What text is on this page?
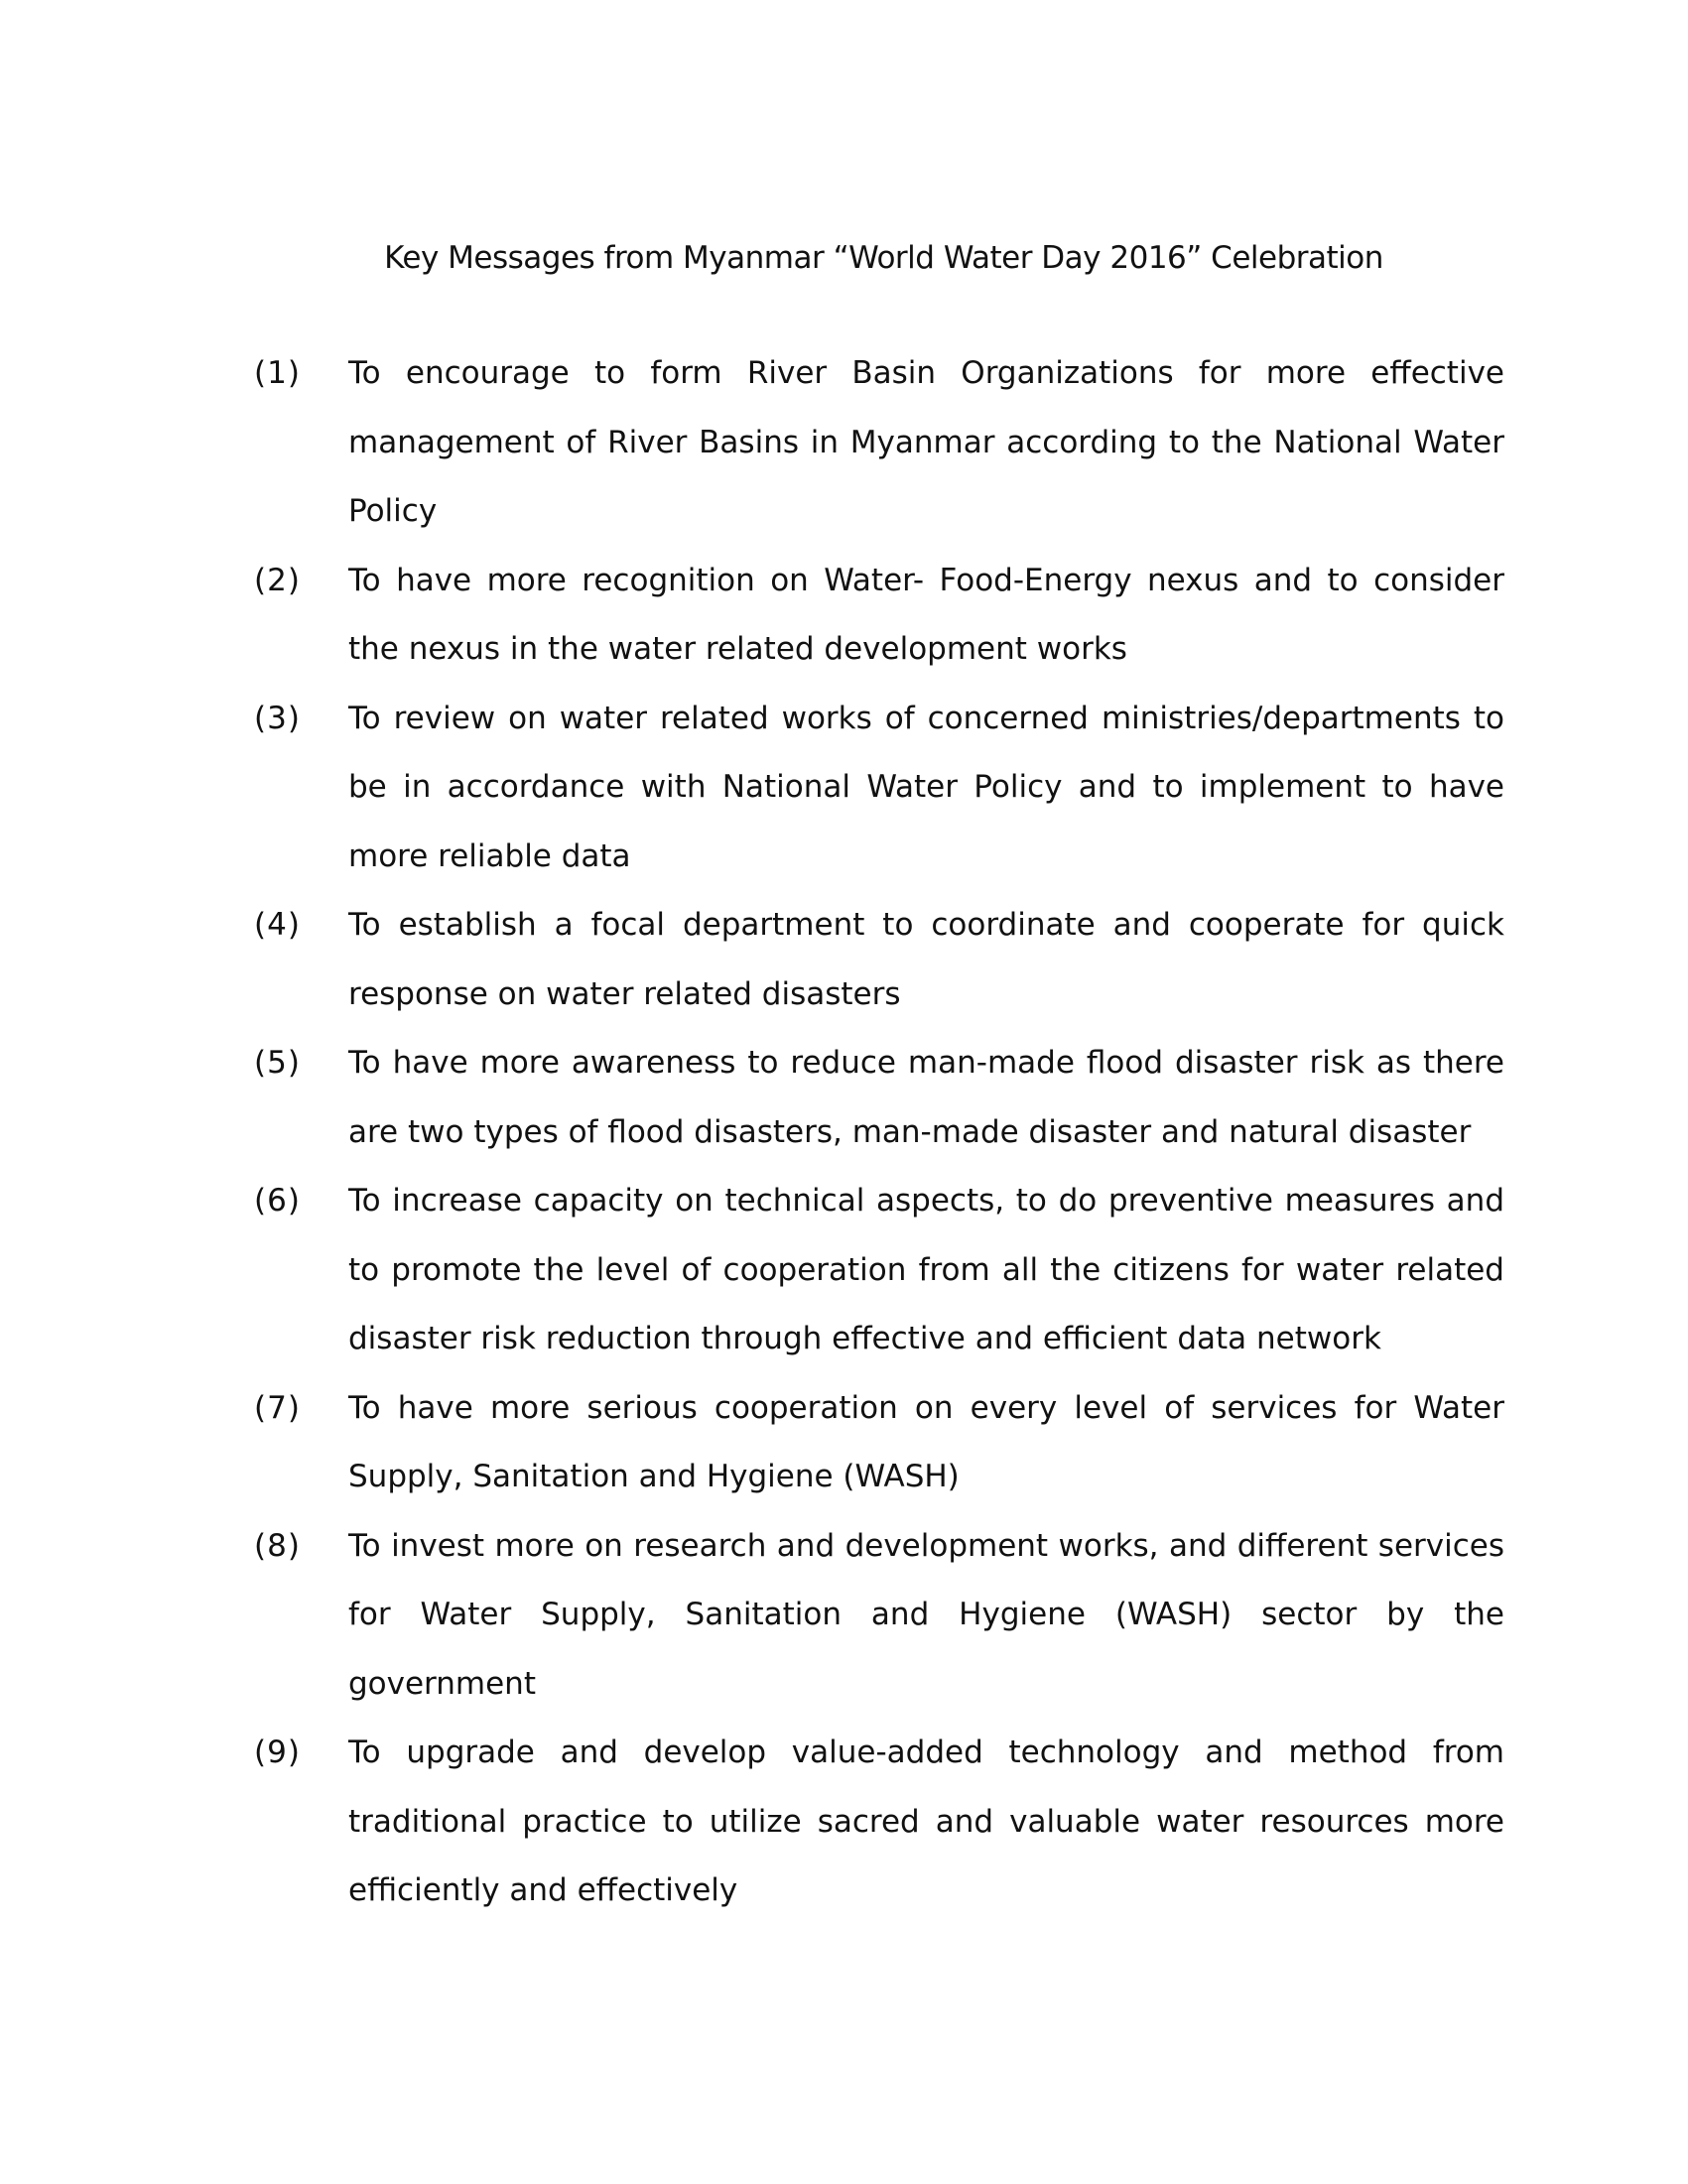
Key Messages from Myanmar “World Water Day 2016” Celebration
(1)	To encourage to form River Basin Organizations for more effective management of River Basins in Myanmar according to the National Water Policy
(2)	To have more recognition on Water- Food-Energy nexus and to consider the nexus in the water related development works
(3)	To review on water related works of concerned ministries/departments to be in accordance with National Water Policy and to implement to have more reliable data
(4)	To establish a focal department to coordinate and cooperate for quick response on water related disasters
(5)	To have more awareness to reduce man-made flood disaster risk as there are two types of flood disasters, man-made disaster and natural disaster
(6)	To increase capacity on technical aspects, to do preventive measures and to promote the level of cooperation from all the citizens for water related disaster risk reduction through effective and efficient data network
(7)	To have more serious cooperation on every level of services for Water Supply, Sanitation and Hygiene (WASH)
(8)	To invest more on research and development works, and different services for Water Supply, Sanitation and Hygiene (WASH) sector by the government
(9)	To upgrade and develop value-added technology and method from traditional practice to utilize sacred and valuable water resources more efficiently and effectively
